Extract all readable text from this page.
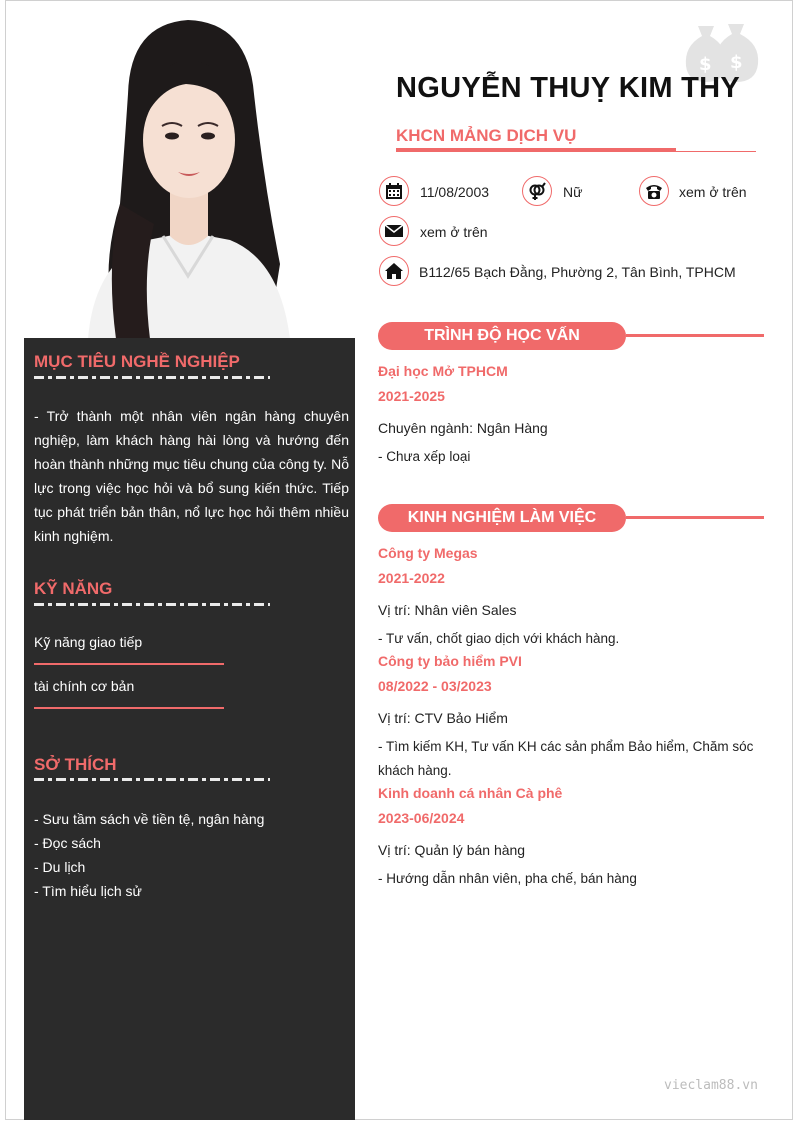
$ $
MỤC TIÊU NGHỀ NGHIỆP
- Trở thành một nhân viên ngân hàng chuyên nghiệp, làm khách hàng hài lòng và hướng đến hoàn thành những mục tiêu chung của công ty. Nỗ lực trong việc học hỏi và bổ sung kiến thức. Tiếp tục phát triển bản thân, nổ lực học hỏi thêm nhiều kinh nghiệm.
KỸ NĂNG
Kỹ năng giao tiếp
tài chính cơ bản
SỞ THÍCH
- Sưu tầm sách về tiền tệ, ngân hàng
- Đọc sách
- Du lịch
- Tìm hiểu lịch sử
NGUYỄN THUỴ KIM THY
KHCN MẢNG DỊCH VỤ
11/08/2003	Nữ	xem ở trên
xem ở trên
B112/65 Bạch Đằng, Phường 2, Tân Bình, TPHCM
TRÌNH ĐỘ HỌC VẤN
Đại học Mở TPHCM
2021-2025
Chuyên ngành: Ngân Hàng
- Chưa xếp loại
KINH NGHIỆM LÀM VIỆC
Công ty Megas
2021-2022
Vị trí: Nhân viên Sales
- Tư vấn, chốt giao dịch với khách hàng.
Công ty bảo hiểm PVI
08/2022 - 03/2023
Vị trí: CTV Bảo Hiểm
- Tìm kiếm KH, Tư vấn KH các sản phẩm Bảo hiểm, Chăm sóc khách hàng.
Kinh doanh cá nhân Cà phê
2023-06/2024
Vị trí: Quản lý bán hàng
- Hướng dẫn nhân viên, pha chế, bán hàng
vieclam88.vn
